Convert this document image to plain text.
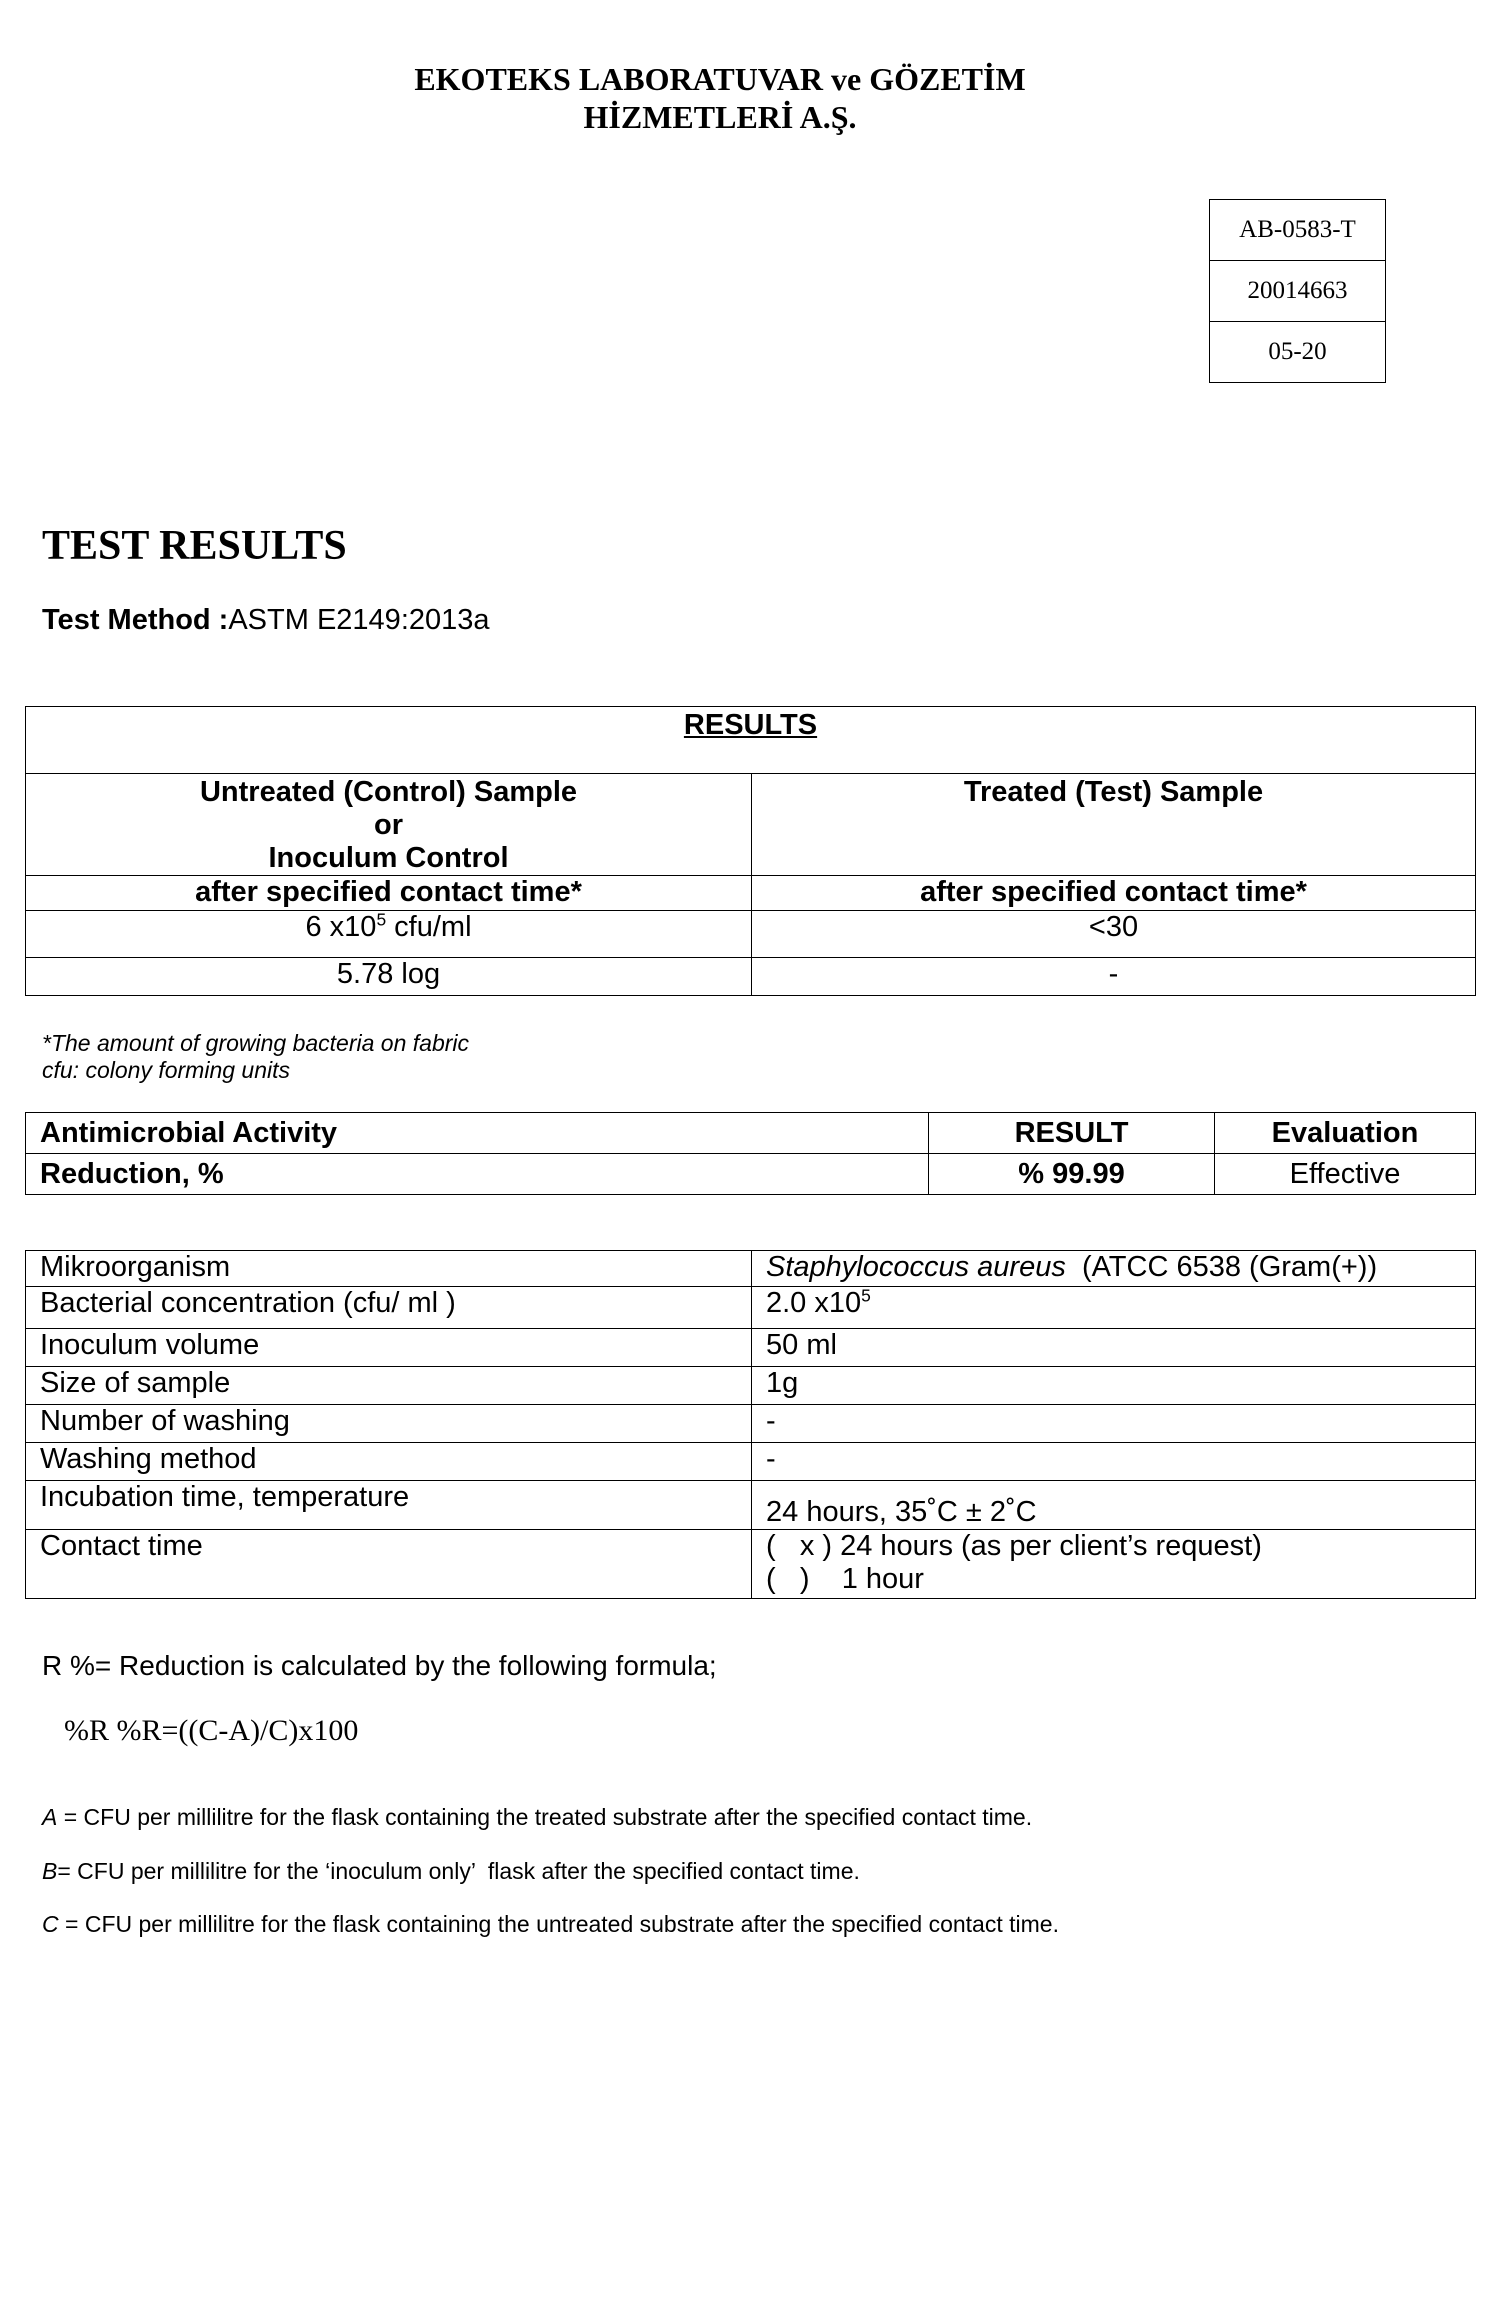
EKOTEKS LABORATUVAR ve GÖZETİM
HİZMETLERİ A.Ş.
AB-0583-T
20014663
05-20
TEST RESULTS
Test Method :ASTM E2149:2013a
RESULTS	

Untreated (Control) Sample
or
Inoculum Control	Treated (Test) Sample
after specified contact time*	after specified contact time*
6 $x10^5$ cfu/ml	<30
5.78 log	-
*The amount of growing bacteria on fabric
cfu: colony forming units
Antimicrobial Activity	RESULT	Evaluation
Reduction, %	% 99.99	Effective
Mikroorganism	Staphylococcus aureus  (ATCC 6538 (Gram(+))
Bacterial concentration (cfu/ ml )	2.0 $x10^5$
Inoculum volume	50 ml
Size of sample	1g
Number of washing	-
Washing method	-
Incubation time, temperature	24 hours, 35˚C ± 2˚C
Contact time	(   x ) 24 hours (as per client’s request)
(   )    1 hour
R %= Reduction is calculated by the following formula;
%R %R=((C-A)/C)x100
A = CFU per millilitre for the flask containing the treated substrate after the specified contact time.
B= CFU per millilitre for the ‘inoculum only’  flask after the specified contact time.
C = CFU per millilitre for the flask containing the untreated substrate after the specified contact time.
